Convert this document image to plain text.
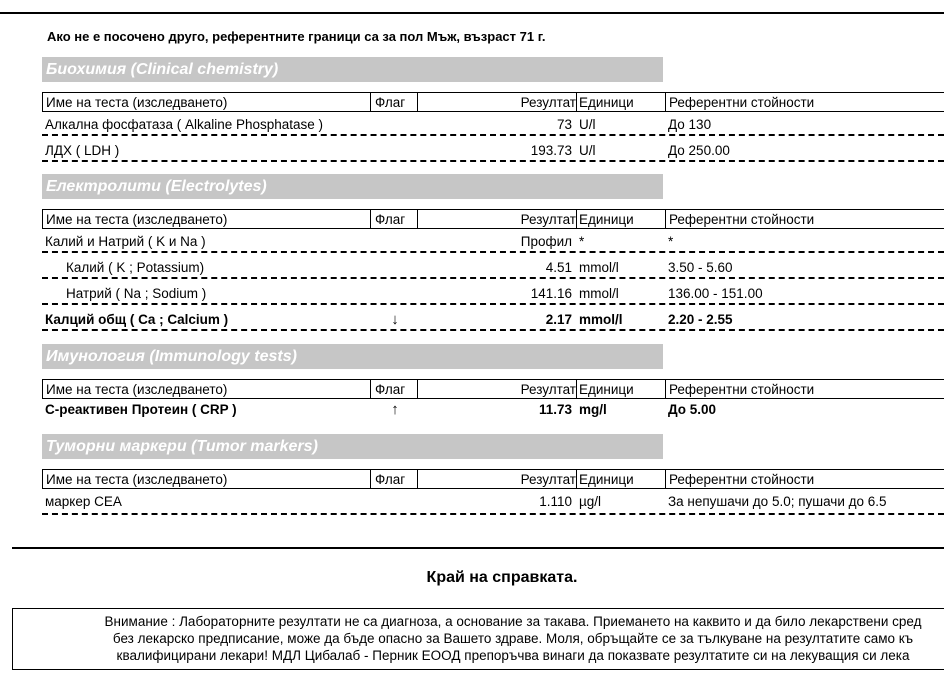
Ако не е посочено друго, референтните граници са за пол Мъж, възраст 71 г.
Биохимия (Clinical chemistry)
Име на теста (изследването)	Флаг	Резултат Единици	Референтни стойности
Алкална фосфатаза ( Alkaline Phosphatase )	73 U/l	До 130
ЛДХ ( LDH )	193.73 U/l	До 250.00
Електролити (Electrolytes)
Име на теста (изследването)	Флаг	Резултат Единици	Референтни стойности
Калий и Натрий ( K и Na )	Профил *	*
Калий ( K ; Potassium)	4.51 mmol/l	3.50 - 5.60
Натрий ( Na ; Sodium )	141.16 mmol/l	136.00 - 151.00
Калций общ ( Ca ; Calcium )	↓	2.17 mmol/l	2.20 - 2.55
Имунология (Immunology tests)
Име на теста (изследването)	Флаг	Резултат Единици	Референтни стойности
C-реактивен Протеин ( CRP )	↑	11.73 mg/l	До 5.00
Туморни маркери (Tumor markers)
Име на теста (изследването)	Флаг	Резултат Единици	Референтни стойности
маркер CEA	1.110 µg/l	За непушачи до 5.0; пушачи до 6.5
Край на справката.
Внимание : Лабораторните резултати не са диагноза, а основание за такава. Приемането на каквито и да било лекарствени сред
без лекарско предписание, може да бъде опасно за Вашето здраве. Моля, обръщайте се за тълкуване на резултатите само къ
квалифицирани лекари! МДЛ Цибалаб - Перник ЕООД препоръчва винаги да показвате резултатите си на лекуващия си лека
